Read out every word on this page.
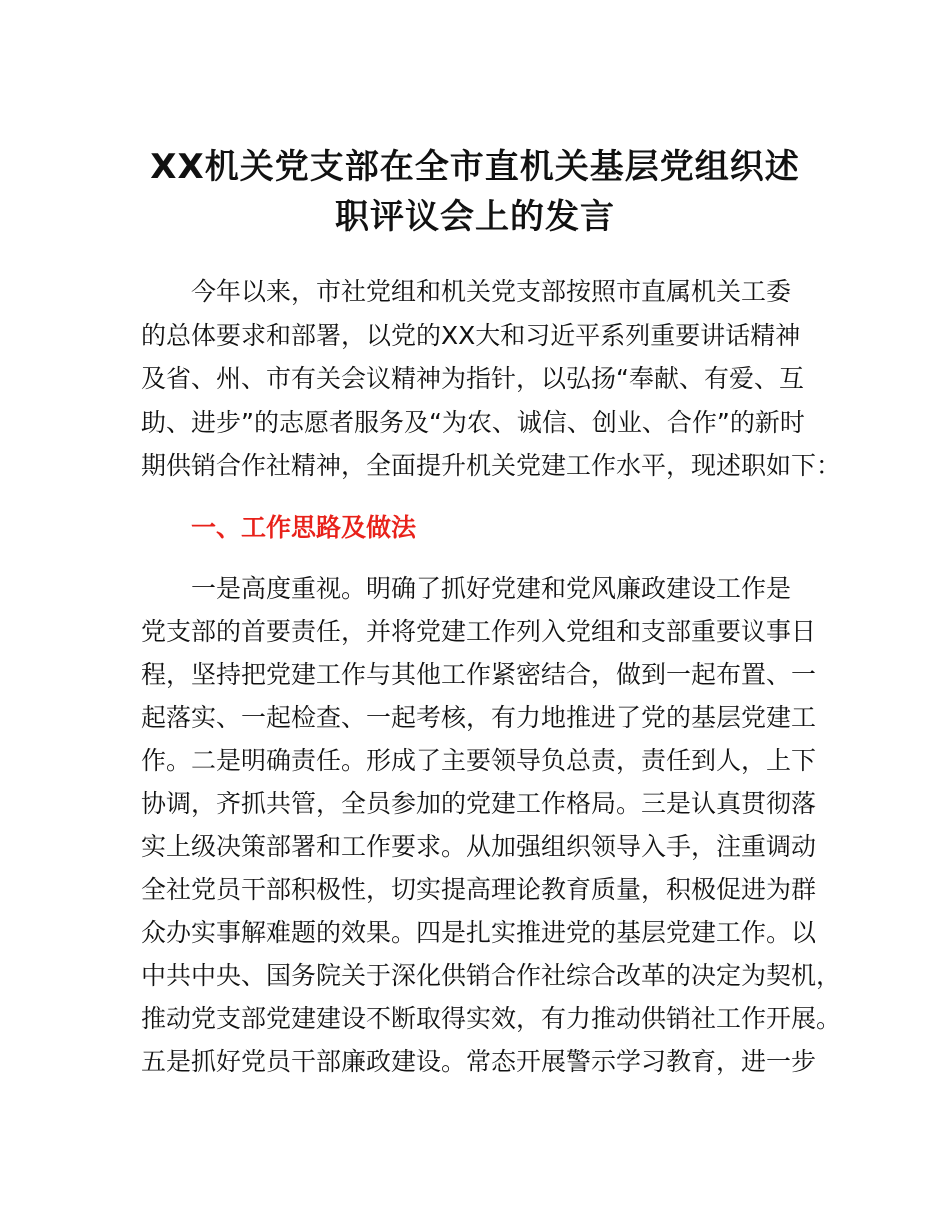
XX机关党支部在全市直机关基层党组织述
职评议会上的发言

今年以来，市社党组和机关党支部按照市直属机关工委

的总体要求和部署，以党的XX大和习近平系列重要讲话精神

及省、州、市有关会议精神为指针，以弘扬“奉献、有爱、互

助、进步”的志愿者服务及“为农、诚信、创业、合作”的新时

期供销合作社精神，全面提升机关党建工作水平，现述职如下：

一、工作思路及做法

一是高度重视。明确了抓好党建和党风廉政建设工作是

党支部的首要责任，并将党建工作列入党组和支部重要议事日

程，坚持把党建工作与其他工作紧密结合，做到一起布置、一

起落实、一起检查、一起考核，有力地推进了党的基层党建工

作。二是明确责任。形成了主要领导负总责，责任到人，上下

协调，齐抓共管，全员参加的党建工作格局。三是认真贯彻落

实上级决策部署和工作要求。从加强组织领导入手，注重调动

全社党员干部积极性，切实提高理论教育质量，积极促进为群

众办实事解难题的效果。四是扎实推进党的基层党建工作。以

中共中央、国务院关于深化供销合作社综合改革的决定为契机，

推动党支部党建建设不断取得实效，有力推动供销社工作开展。

五是抓好党员干部廉政建设。常态开展警示学习教育，进一步
